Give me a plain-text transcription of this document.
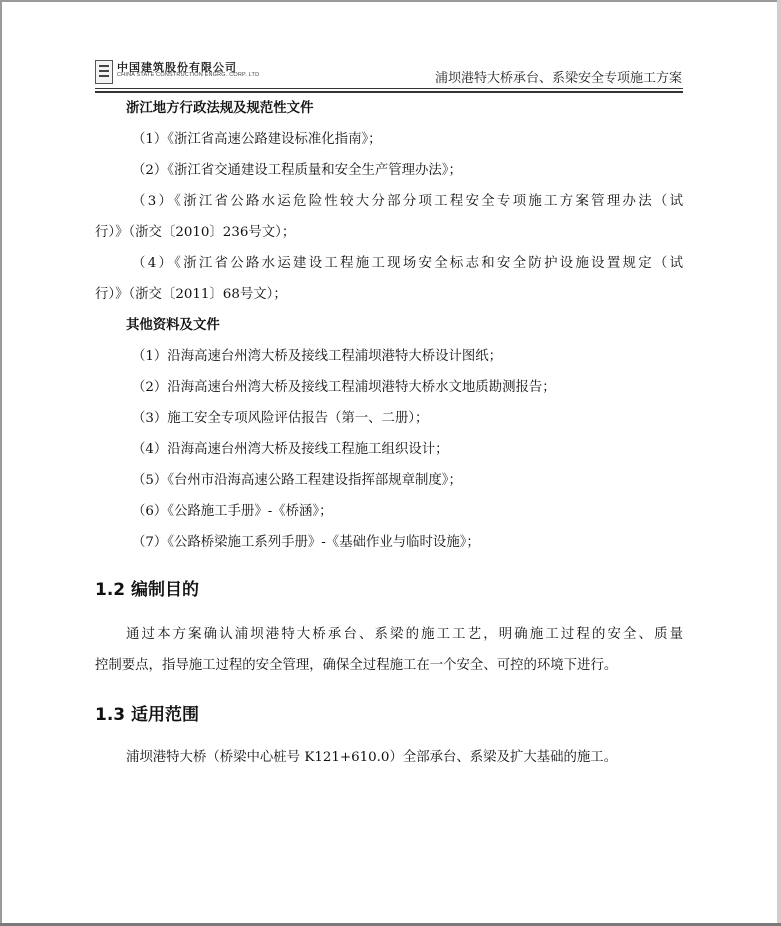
中国建筑股份有限公司
CHINA STATE CONSTRUCTION ENGRG. CORP. LTD	浦坝港特大桥承台、系梁安全专项施工方案
浙江地方行政法规及规范性文件
（1）《浙江省高速公路建设标准化指南》；
（2）《浙江省交通建设工程质量和安全生产管理办法》；
（3）《浙江省公路水运危险性较大分部分项工程安全专项施工方案管理办法（试
行）》（浙交〔2010〕236号文）；
（4）《浙江省公路水运建设工程施工现场安全标志和安全防护设施设置规定（试
行）》（浙交〔2011〕68号文）；
其他资料及文件
（1）沿海高速台州湾大桥及接线工程浦坝港特大桥设计图纸；
（2）沿海高速台州湾大桥及接线工程浦坝港特大桥水文地质勘测报告；
（3）施工安全专项风险评估报告（第一、二册）；
（4）沿海高速台州湾大桥及接线工程施工组织设计；
（5）《台州市沿海高速公路工程建设指挥部规章制度》；
（6）《公路施工手册》-《桥涵》；
（7）《公路桥梁施工系列手册》-《基础作业与临时设施》；
1.2 编制目的
通过本方案确认浦坝港特大桥承台、系梁的施工工艺，明确施工过程的安全、质量
控制要点，指导施工过程的安全管理，确保全过程施工在一个安全、可控的环境下进行。
1.3 适用范围
浦坝港特大桥（桥梁中心桩号 K121+610.0）全部承台、系梁及扩大基础的施工。
